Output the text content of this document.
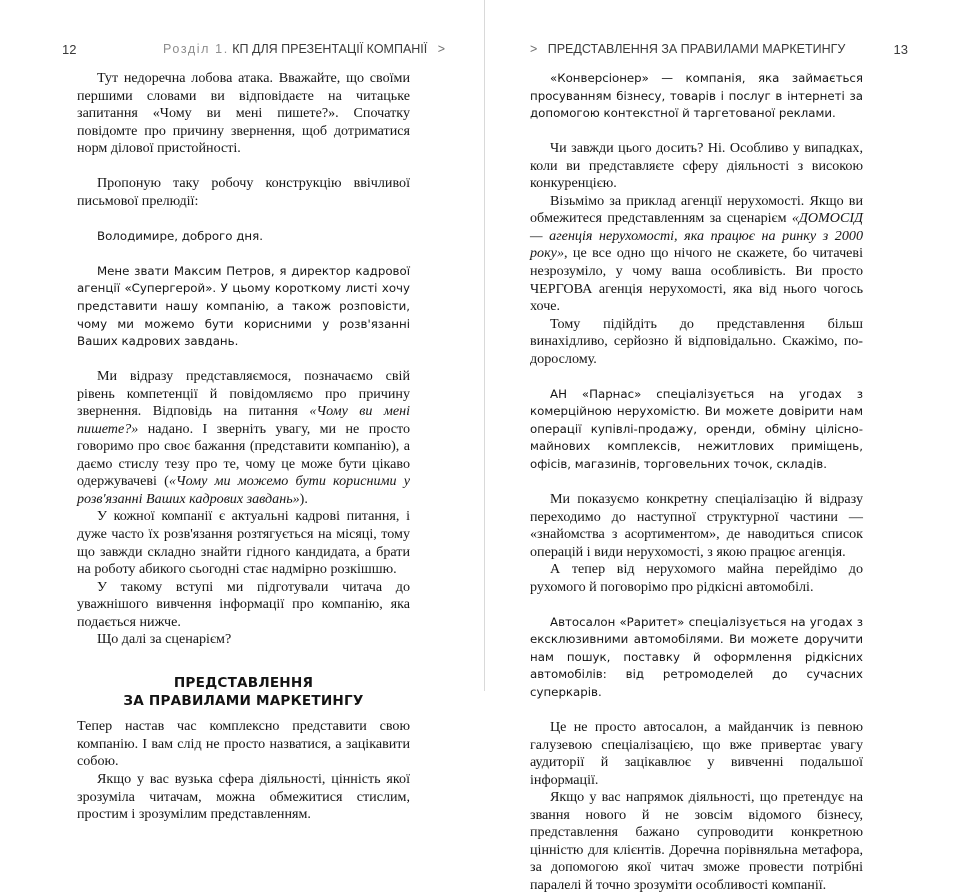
12	Розділ 1. КП ДЛЯ ПРЕЗЕНТАЦІЇ КОМПАНІЇ >

Тут недоречна лобова атака. Вважайте, що своїми першими словами ви відповідаєте на читацьке запитання «Чому ви мені пишете?». Спочатку повідомте про причину звернення, щоб дотриматися норм ділової пристойності.

Пропоную таку робочу конструкцію ввічливої письмової прелюдії:

Володимире, доброго дня.

Мене звати Максим Петров, я директор кадрової агенції «Супергерой». У цьому короткому листі хочу представити нашу компанію, а також розповісти, чому ми можемо бути корисними у розв'язанні Ваших кадрових завдань.

Ми відразу представляємося, позначаємо свій рівень компетенції й повідомляємо про причину звернення. Відповідь на питання «Чому ви мені пишете?» надано. І зверніть увагу, ми не просто говоримо про своє бажання (представити компанію), а даємо стислу тезу про те, чому це може бути цікаво одержувачеві («Чому ми можемо бути корисними у розв'язанні Ваших кадрових завдань»).

У кожної компанії є актуальні кадрові питання, і дуже часто їх розв'язання розтягується на місяці, тому що завжди складно знайти гідного кандидата, а брати на роботу абикого сьогодні стає надмірно розкішшю.

У такому вступі ми підготували читача до уважнішого вивчення інформації про компанію, яка подається нижче.

Що далі за сценарієм?

ПРЕДСТАВЛЕННЯ
ЗА ПРАВИЛАМИ МАРКЕТИНГУ

Тепер настав час комплексно представити свою компанію. І вам слід не просто назватися, а зацікавити собою.

Якщо у вас вузька сфера діяльності, цінність якої зрозуміла читачам, можна обмежитися стислим, простим і зрозумілим представленням.

> ПРЕДСТАВЛЕННЯ ЗА ПРАВИЛАМИ МАРКЕТИНГУ	13

«Конверсіонер» — компанія, яка займається просуванням бізнесу, товарів і послуг в інтернеті за допомогою контекстної й таргетованої реклами.

Чи завжди цього досить? Ні. Особливо у випадках, коли ви представляєте сферу діяльності з високою конкуренцією.

Візьмімо за приклад агенції нерухомості. Якщо ви обмежитеся представленням за сценарієм «ДОМОСІД — агенція нерухомості, яка працює на ринку з 2000 року», це все одно що нічого не скажете, бо читачеві незрозуміло, у чому ваша особливість. Ви просто ЧЕРГОВА агенція нерухомості, яка від нього чогось хоче.

Тому підійдіть до представлення більш винахідливо, серйозно й відповідально. Скажімо, по-дорослому.

АН «Парнас» спеціалізується на угодах з комерційною нерухомістю. Ви можете довірити нам операції купівлі-продажу, оренди, обміну цілісно-майнових комплексів, нежитлових приміщень, офісів, магазинів, торговельних точок, складів.

Ми показуємо конкретну спеціалізацію й відразу переходимо до наступної структурної частини — «знайомства з асортиментом», де наводиться список операцій і види нерухомості, з якою працює агенція.

А тепер від нерухомого майна перейдімо до рухомого й поговорімо про рідкісні автомобілі.

Автосалон «Раритет» спеціалізується на угодах з ексклюзивними автомобілями. Ви можете доручити нам пошук, поставку й оформлення рідкісних автомобілів: від ретромоделей до сучасних суперкарів.

Це не просто автосалон, а майданчик із певною галузевою спеціалізацією, що вже привертає увагу аудиторії й зацікавлює у вивченні подальшої інформації.

Якщо у вас напрямок діяльності, що претендує на звання нового й не зовсім відомого бізнесу, представлення бажано супроводити конкретною цінністю для клієнтів. Доречна порівняльна метафора, за допомогою якої читач зможе провести потрібні паралелі й точно зрозуміти особливості компанії.
